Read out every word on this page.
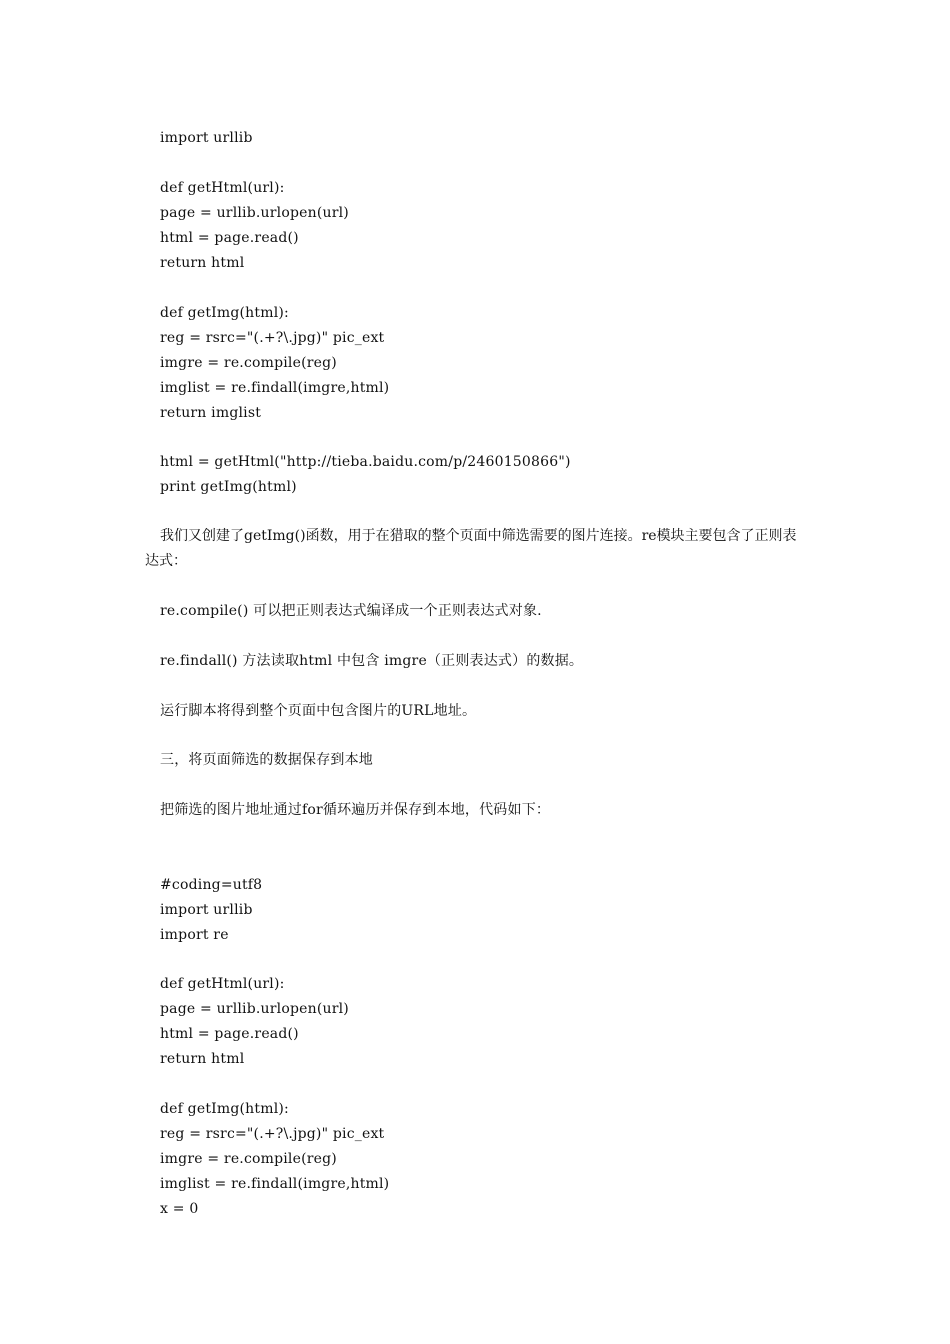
import urllib
def getHtml(url):
page = urllib.urlopen(url)
html = page.read()
return html
def getImg(html):
reg = rsrc="(.+?\.jpg)" pic_ext
imgre = re.compile(reg)
imglist = re.findall(imgre,html)
return imglist
html = getHtml("http://tieba.baidu.com/p/2460150866")
print getImg(html)
我们又创建了getImg()函数，用于在猎取的整个页面中筛选需要的图片连接。re模块主要包含了正则表达式：
re.compile() 可以把正则表达式编译成一个正则表达式对象.
re.findall() 方法读取html 中包含 imgre（正则表达式）的数据。
运行脚本将得到整个页面中包含图片的URL地址。
三，将页面筛选的数据保存到本地
把筛选的图片地址通过for循环遍历并保存到本地，代码如下：
#coding=utf8
import urllib
import re
def getHtml(url):
page = urllib.urlopen(url)
html = page.read()
return html
def getImg(html):
reg = rsrc="(.+?\.jpg)" pic_ext
imgre = re.compile(reg)
imglist = re.findall(imgre,html)
x = 0
